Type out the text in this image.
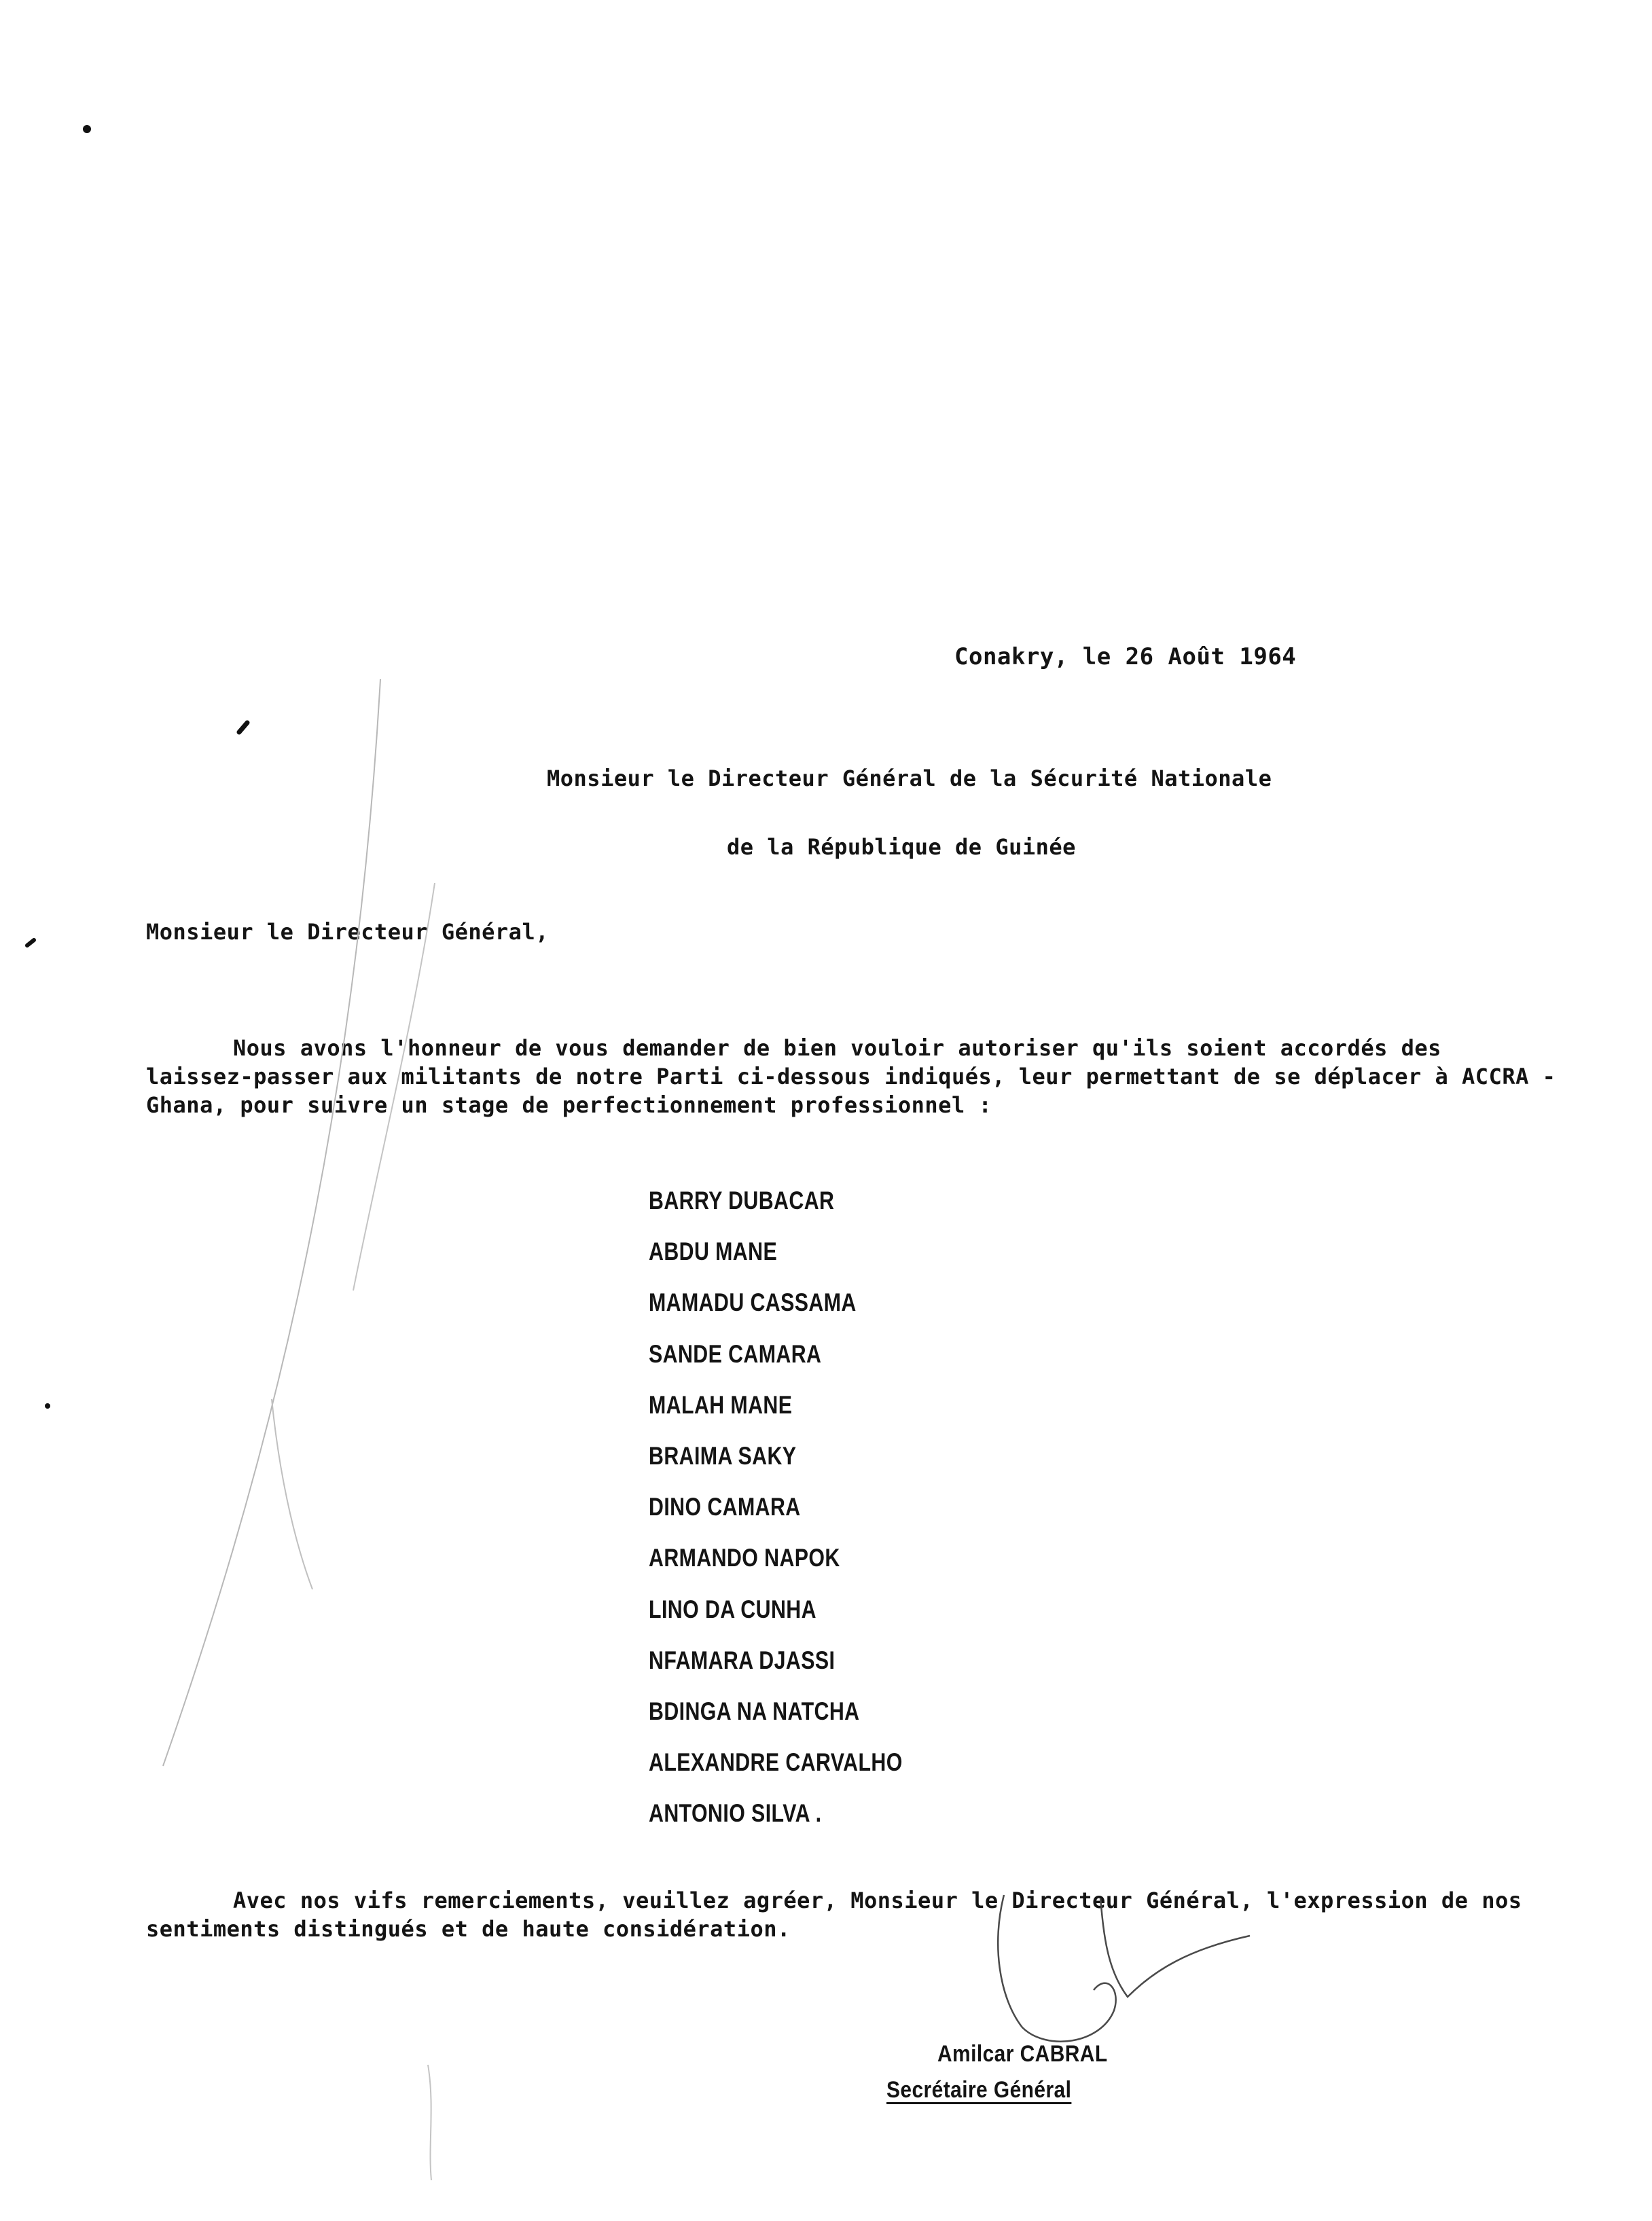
Conakry, le 26 Août 1964
Monsieur le Directeur Général de la Sécurité Nationale
de la République de Guinée
Monsieur le Directeur Général,
Nous avons l'honneur de vous demander de bien vouloir autoriser qu'ils soient accordés des laissez-passer aux militants de notre Parti ci-dessous indiqués, leur permettant de se déplacer à ACCRA - Ghana, pour suivre un stage de perfectionnement professionnel :
BARRY DUBACAR
ABDU MANE
MAMADU CASSAMA
SANDE CAMARA
MALAH MANE
BRAIMA SAKY
DINO CAMARA
ARMANDO NAPOK
LINO DA CUNHA
NFAMARA DJASSI
BDINGA NA NATCHA
ALEXANDRE CARVALHO
ANTONIO SILVA .
Avec nos vifs remerciements, veuillez agréer, Monsieur le Directeur Général, l'expression de nos sentiments distingués et de haute considération.
Amilcar CABRAL
Secrétaire Général
